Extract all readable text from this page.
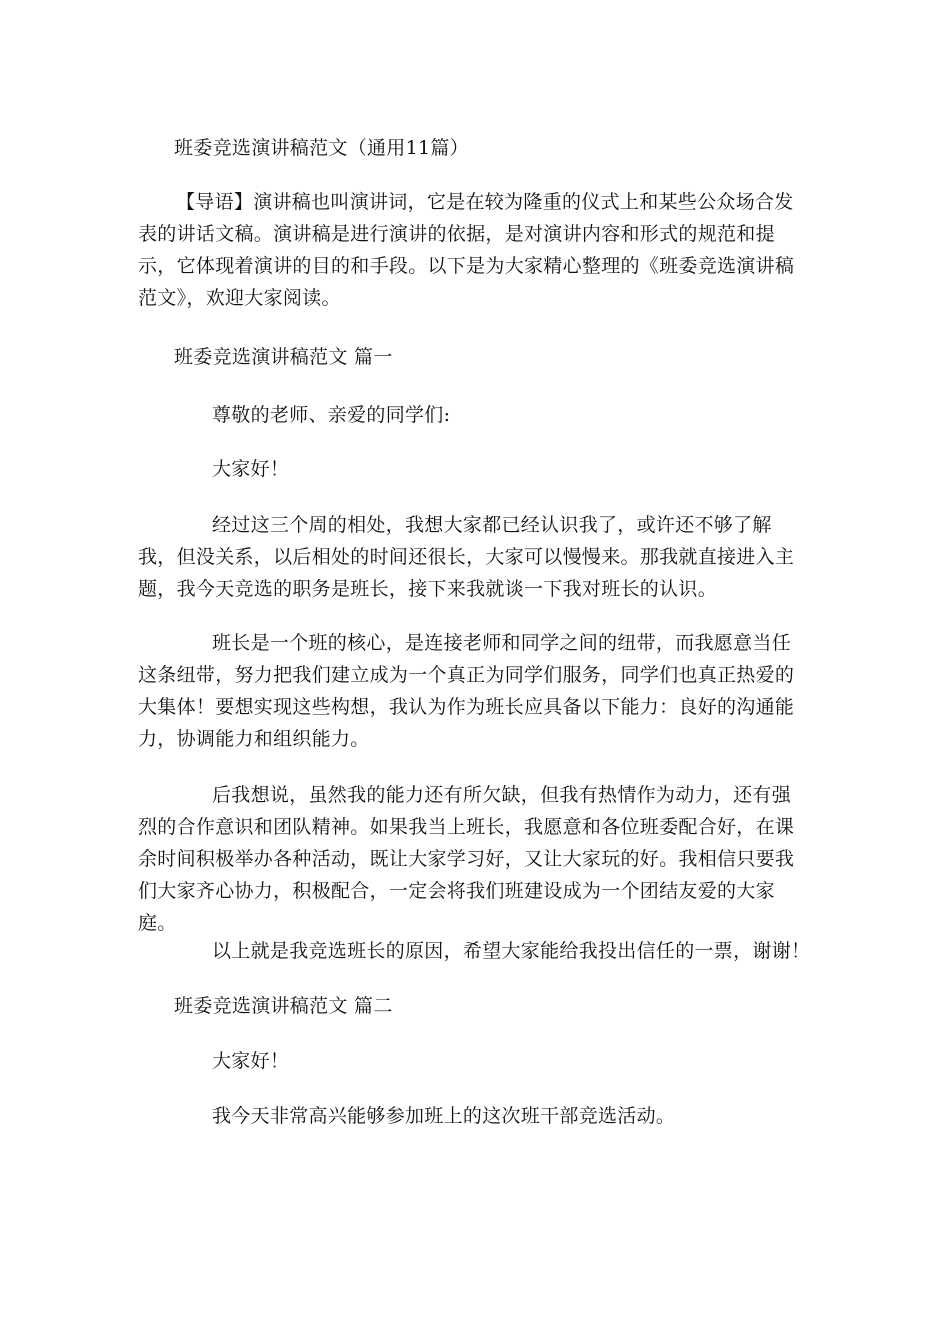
班委竞选演讲稿范文（通用11篇）

【导语】演讲稿也叫演讲词，它是在较为隆重的仪式上和某些公众场合发表的讲话文稿。演讲稿是进行演讲的依据，是对演讲内容和形式的规范和提示，它体现着演讲的目的和手段。以下是为大家精心整理的《班委竞选演讲稿范文》，欢迎大家阅读。

班委竞选演讲稿范文 篇一

尊敬的老师、亲爱的同学们:

大家好！

经过这三个周的相处，我想大家都已经认识我了，或许还不够了解我，但没关系，以后相处的时间还很长，大家可以慢慢来。那我就直接进入主题，我今天竞选的职务是班长，接下来我就谈一下我对班长的认识。

班长是一个班的核心，是连接老师和同学之间的纽带，而我愿意当任这条纽带，努力把我们建立成为一个真正为同学们服务，同学们也真正热爱的大集体！要想实现这些构想，我认为作为班长应具备以下能力：良好的沟通能力，协调能力和组织能力。

后我想说，虽然我的能力还有所欠缺，但我有热情作为动力，还有强烈的合作意识和团队精神。如果我当上班长，我愿意和各位班委配合好，在课余时间积极举办各种活动，既让大家学习好，又让大家玩的好。我相信只要我们大家齐心协力，积极配合，一定会将我们班建设成为一个团结友爱的大家庭。

以上就是我竞选班长的原因，希望大家能给我投出信任的一票，谢谢！

班委竞选演讲稿范文 篇二

大家好！

我今天非常高兴能够参加班上的这次班干部竞选活动。
